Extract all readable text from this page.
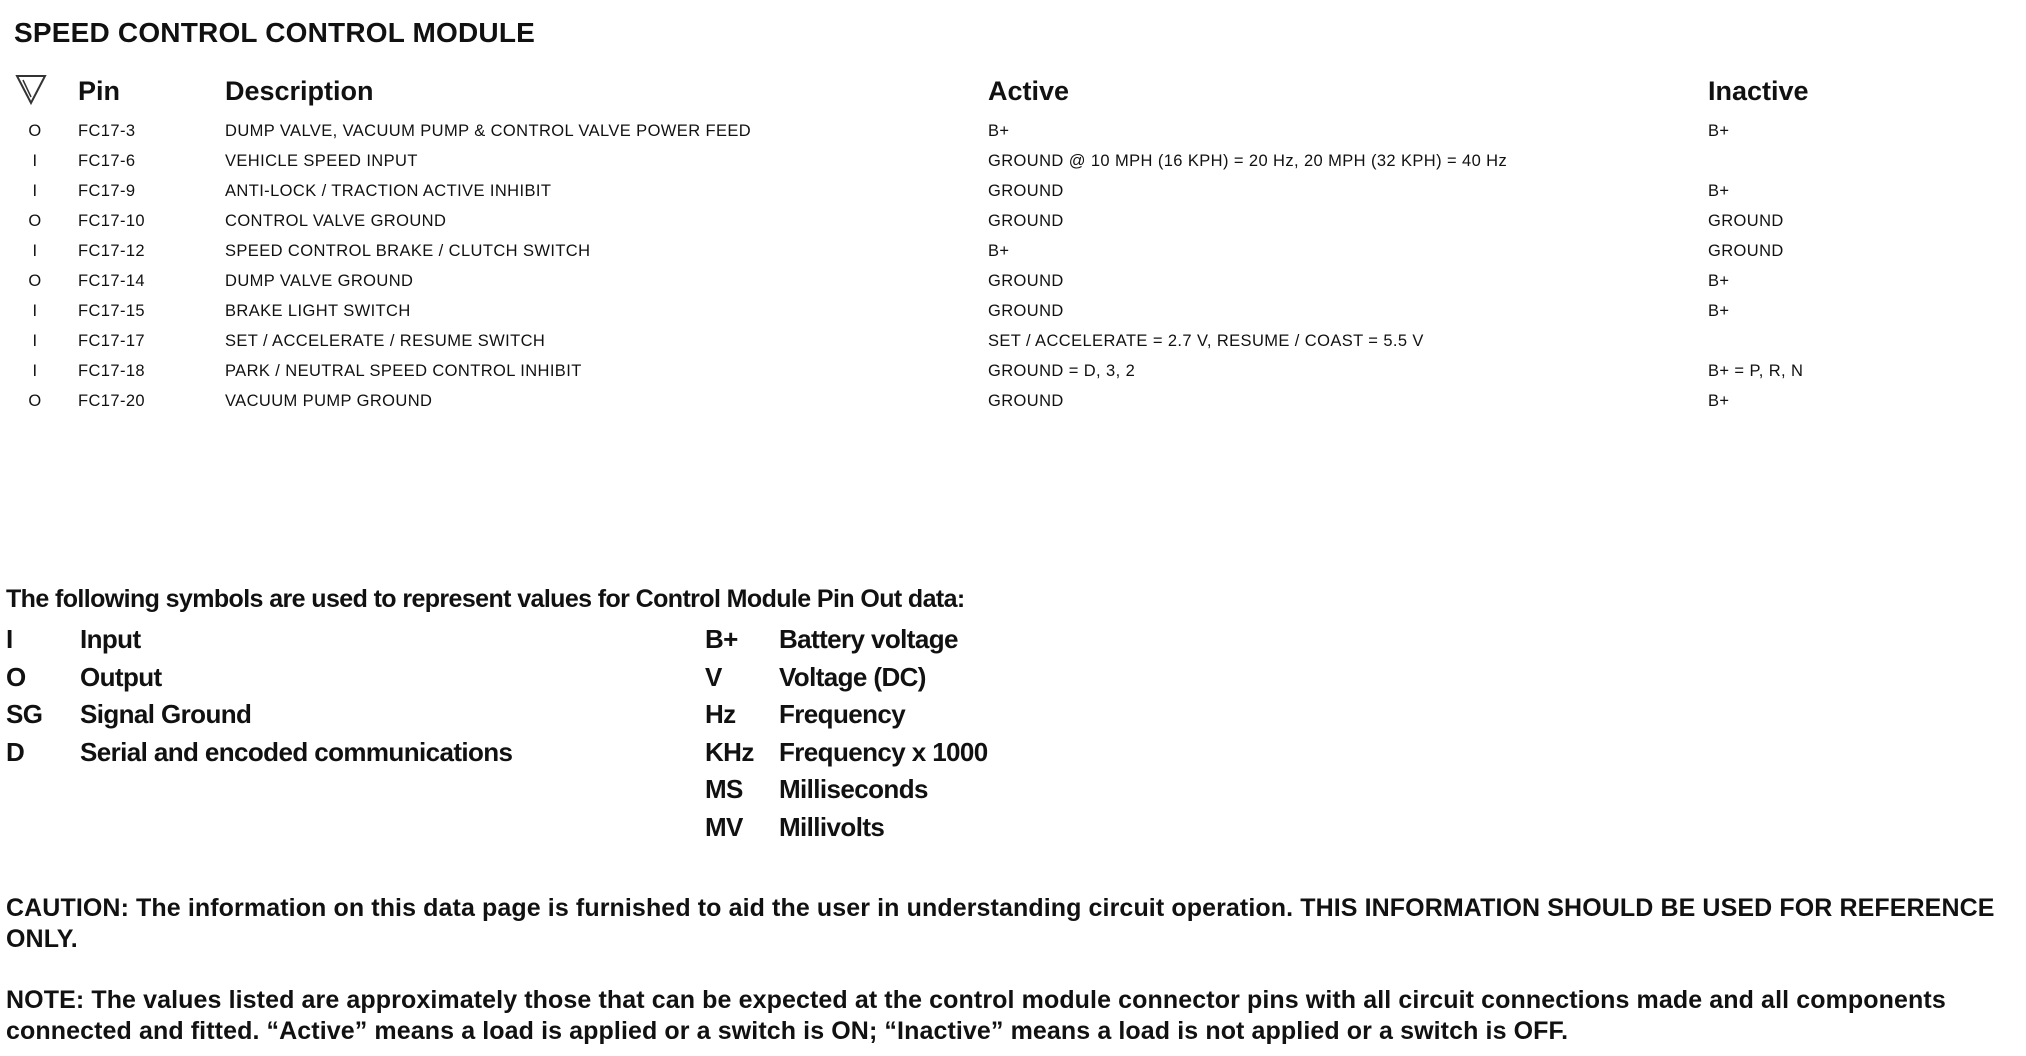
SPEED CONTROL CONTROL MODULE
Pin	Description	Active	Inactive
O	FC17-3	DUMP VALVE, VACUUM PUMP & CONTROL VALVE POWER FEED	B+	B+
I	FC17-6	VEHICLE SPEED INPUT	GROUND @ 10 MPH (16 KPH) = 20 Hz, 20 MPH (32 KPH) = 40 Hz
I	FC17-9	ANTI-LOCK / TRACTION ACTIVE INHIBIT	GROUND	B+
O	FC17-10	CONTROL VALVE GROUND	GROUND	GROUND
I	FC17-12	SPEED CONTROL BRAKE / CLUTCH SWITCH	B+	GROUND
O	FC17-14	DUMP VALVE GROUND	GROUND	B+
I	FC17-15	BRAKE LIGHT SWITCH	GROUND	B+
I	FC17-17	SET / ACCELERATE / RESUME SWITCH	SET / ACCELERATE = 2.7 V, RESUME / COAST = 5.5 V
I	FC17-18	PARK / NEUTRAL SPEED CONTROL INHIBIT	GROUND = D, 3, 2	B+ = P, R, N
O	FC17-20	VACUUM PUMP GROUND	GROUND	B+
The following symbols are used to represent values for Control Module Pin Out data:
I	Input
O Output
SG Signal Ground
D Serial and encoded communications
B+ Battery voltage
V Voltage (DC)
Hz Frequency
KHz Frequency x 1000
MS Milliseconds
MV Millivolts
CAUTION: The information on this data page is furnished to aid the user in understanding circuit operation. THIS INFORMATION SHOULD BE USED FOR REFERENCE ONLY.
NOTE: The values listed are approximately those that can be expected at the control module connector pins with all circuit connections made and all components connected and fitted. “Active” means a load is applied or a switch is ON; “Inactive” means a load is not applied or a switch is OFF.
